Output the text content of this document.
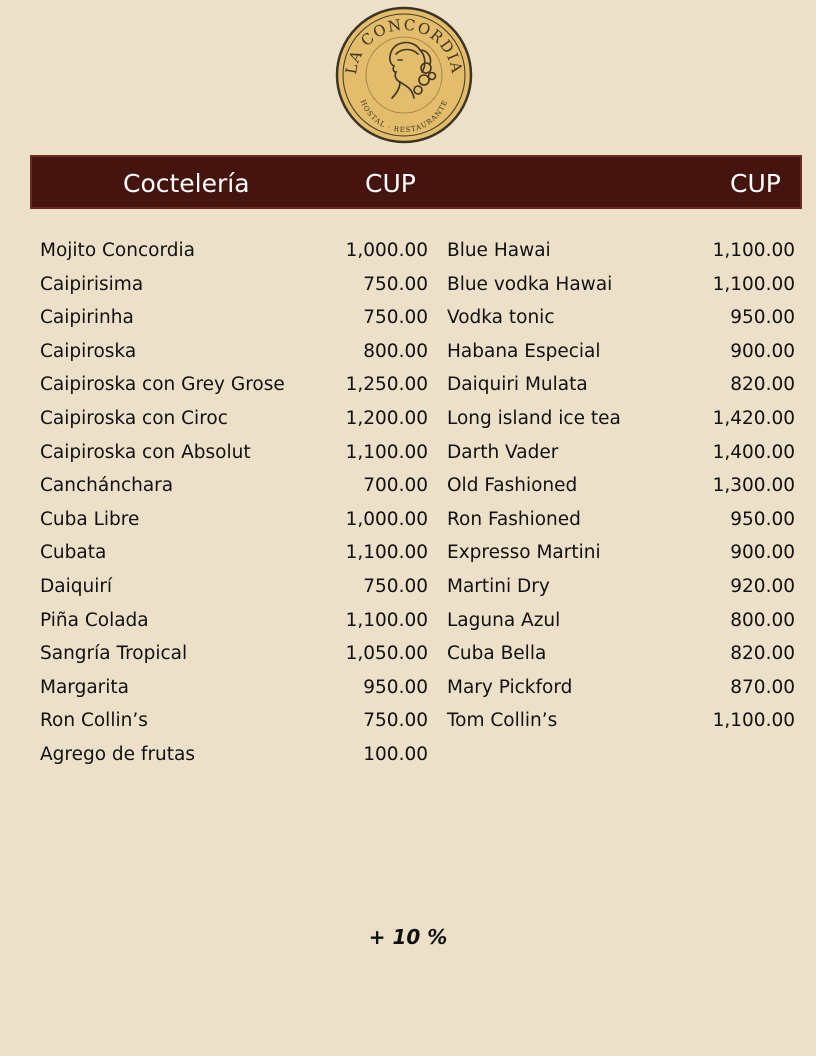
LA CONCORDIA
HOSTAL · RESTAURANTE
Coctelería	CUP	CUP
Mojito Concordia	1,000.00
Caipirisima	750.00
Caipirinha	750.00
Caipiroska	800.00
Caipiroska con Grey Grose	1,250.00
Caipiroska con Ciroc	1,200.00
Caipiroska con Absolut	1,100.00
Canchánchara	700.00
Cuba Libre	1,000.00
Cubata	1,100.00
Daiquirí	750.00
Piña Colada	1,100.00
Sangría Tropical	1,050.00
Margarita	950.00
Ron Collin’s	750.00
Agrego de frutas	100.00
Blue Hawai	1,100.00
Blue vodka Hawai	1,100.00
Vodka tonic	950.00
Habana Especial	900.00
Daiquiri Mulata	820.00
Long island ice tea	1,420.00
Darth Vader	1,400.00
Old Fashioned	1,300.00
Ron Fashioned	950.00
Expresso Martini	900.00
Martini Dry	920.00
Laguna Azul	800.00
Cuba Bella	820.00
Mary Pickford	870.00
Tom Collin’s	1,100.00
+ 10 %
